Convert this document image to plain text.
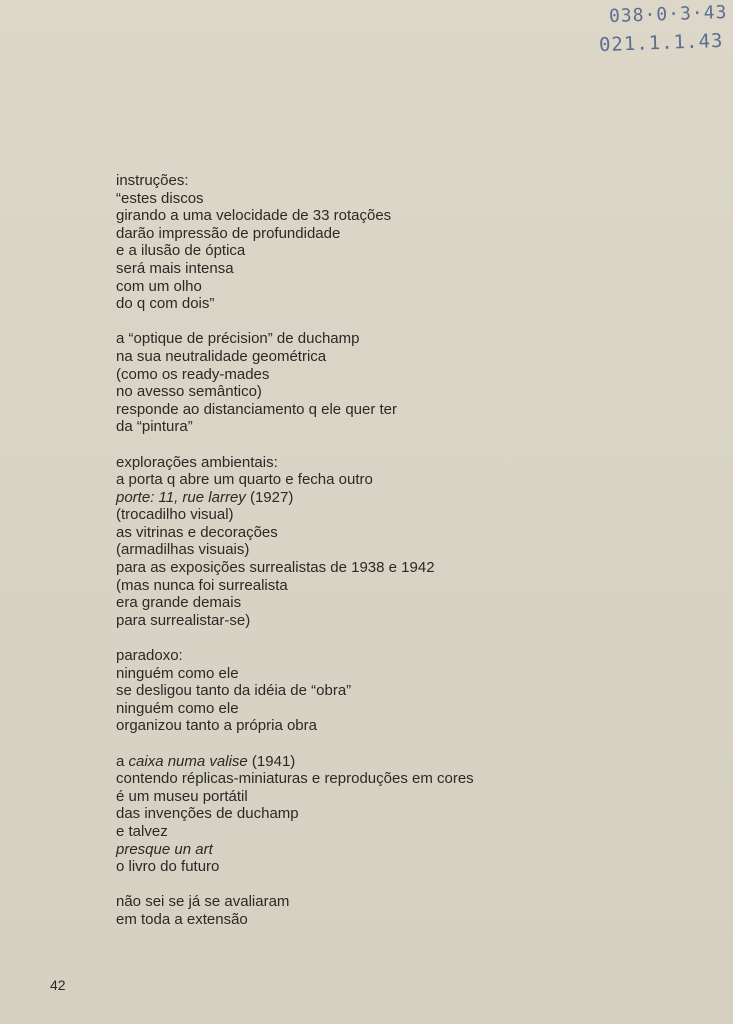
038·0·3·43
021.1.1.43
instruções:
“estes discos
girando a uma velocidade de 33 rotações
darão impressão de profundidade
e a ilusão de óptica
será mais intensa
com um olho
do q com dois”
a “optique de précision” de duchamp
na sua neutralidade geométrica
(como os ready-mades
no avesso semântico)
responde ao distanciamento q ele quer ter
da “pintura”
explorações ambientais:
a porta q abre um quarto e fecha outro
porte: 11, rue larrey (1927)
(trocadilho visual)
as vitrinas e decorações
(armadilhas visuais)
para as exposições surrealistas de 1938 e 1942
(mas nunca foi surrealista
era grande demais
para surrealistar-se)
paradoxo:
ninguém como ele
se desligou tanto da idéia de “obra”
ninguém como ele
organizou tanto a própria obra
a caixa numa valise (1941)
contendo réplicas-miniaturas e reproduções em cores
é um museu portátil
das invenções de duchamp
e talvez
presque un art
o livro do futuro
não sei se já se avaliaram
em toda a extensão
42
